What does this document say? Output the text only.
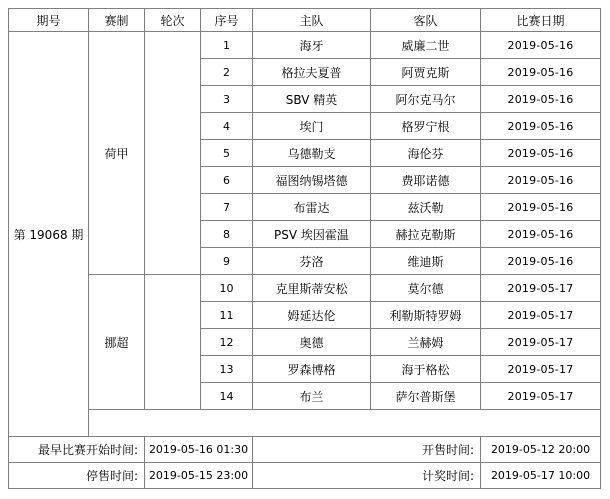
期号	赛制	轮次	序号	主队	客队	比赛日期
第 19068 期	荷甲		1	海牙	威廉二世	2019-05-16
			2	格拉夫夏普	阿贾克斯	2019-05-16
			3	SBV 精英	阿尔克马尔	2019-05-16
			4	埃门	格罗宁根	2019-05-16
			5	乌德勒支	海伦芬	2019-05-16
			6	福图纳锡塔德	费耶诺德	2019-05-16
			7	布雷达	兹沃勒	2019-05-16
			8	PSV 埃因霍温	赫拉克勒斯	2019-05-16
			9	芬洛	维迪斯	2019-05-16
	挪超		10	克里斯蒂安松	莫尔德	2019-05-17
			11	姆延达伦	利勒斯特罗姆	2019-05-17
			12	奥德	兰赫姆	2019-05-17
			13	罗森博格	海于格松	2019-05-17
			14	布兰	萨尔普斯堡	2019-05-17

最早比赛开始时间:		2019-05-16 01:30		开售时间:		2019-05-12 20:00
停售时间:		2019-05-15 23:00		计奖时间:		2019-05-17 10:00
